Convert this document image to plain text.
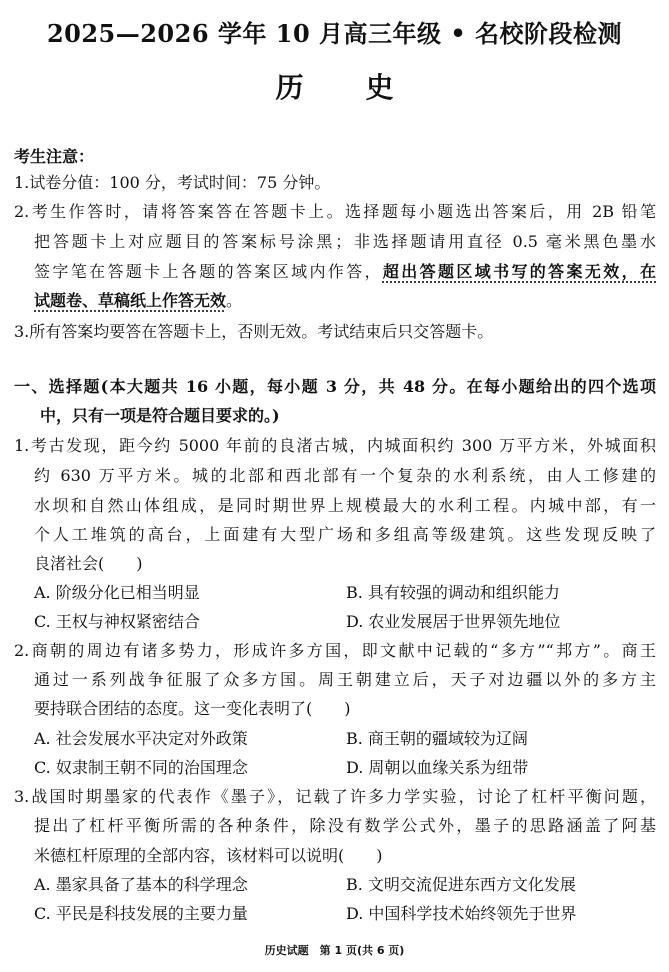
2025—2026 学年 10 月高三年级 • 名校阶段检测
历史
考生注意：
1.试卷分值：100 分，考试时间：75 分钟。
2.考生作答时，请将答案答在答题卡上。选择题每小题选出答案后，用 2B 铅笔
把答题卡上对应题目的答案标号涂黑；非选择题请用直径 0.5 毫米黑色墨水
签字笔在答题卡上各题的答案区域内作答，超出答题区域书写的答案无效，在
试题卷、草稿纸上作答无效。
3.所有答案均要答在答题卡上，否则无效。考试结束后只交答题卡。
一、选择题(本大题共 16 小题，每小题 3 分，共 48 分。在每小题给出的四个选项
中，只有一项是符合题目要求的。)
1.考古发现，距今约 5000 年前的良渚古城，内城面积约 300 万平方米，外城面积
约 630 万平方米。城的北部和西北部有一个复杂的水利系统，由人工修建的
水坝和自然山体组成，是同时期世界上规模最大的水利工程。内城中部，有一
个人工堆筑的高台，上面建有大型广场和多组高等级建筑。这些发现反映了
良渚社会(　　)
A. 阶级分化已相当明显	B. 具有较强的调动和组织能力
C. 王权与神权紧密结合	D. 农业发展居于世界领先地位
2.商朝的周边有诸多势力，形成许多方国，即文献中记载的“多方”“邦方”。商王
通过一系列战争征服了众多方国。周王朝建立后，天子对边疆以外的多方主
要持联合团结的态度。这一变化表明了(　　)
A. 社会发展水平决定对外政策	B. 商王朝的疆域较为辽阔
C. 奴隶制王朝不同的治国理念	D. 周朝以血缘关系为纽带
3.战国时期墨家的代表作《墨子》，记载了许多力学实验，讨论了杠杆平衡问题，
提出了杠杆平衡所需的各种条件，除没有数学公式外，墨子的思路涵盖了阿基
米德杠杆原理的全部内容，该材料可以说明(　　)
A. 墨家具备了基本的科学理念	B. 文明交流促进东西方文化发展
C. 平民是科技发展的主要力量	D. 中国科学技术始终领先于世界
历史试题　第 1 页(共 6 页)
